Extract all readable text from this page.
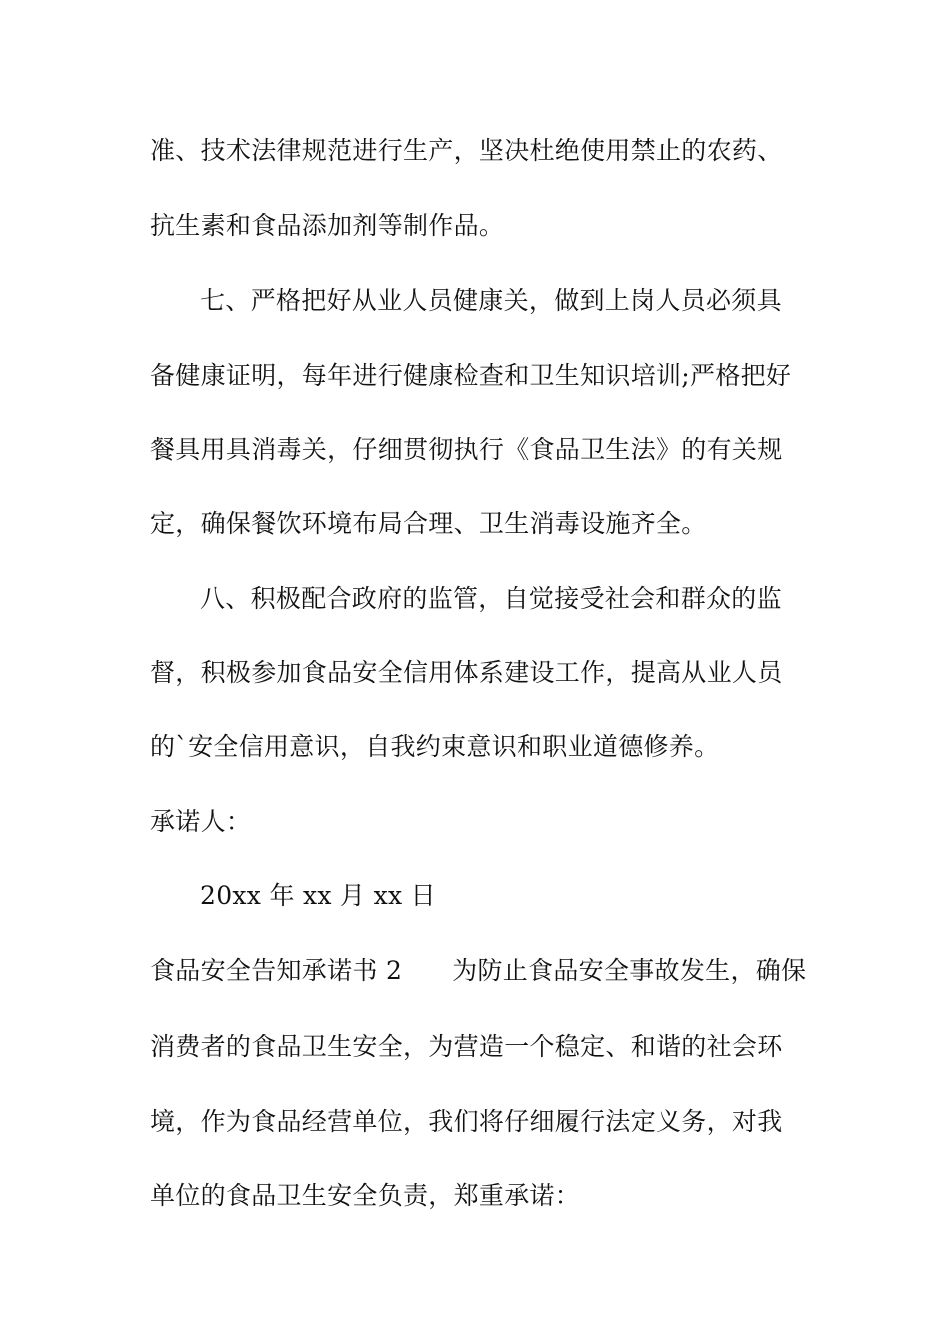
准、技术法律规范进行生产，坚决杜绝使用禁止的农药、

抗生素和食品添加剂等制作品。

七、严格把好从业人员健康关，做到上岗人员必须具

备健康证明，每年进行健康检查和卫生知识培训;严格把好

餐具用具消毒关，仔细贯彻执行《食品卫生法》的有关规

定，确保餐饮环境布局合理、卫生消毒设施齐全。

八、积极配合政府的监管，自觉接受社会和群众的监

督，积极参加食品安全信用体系建设工作，提高从业人员

的`安全信用意识，自我约束意识和职业道德修养。

承诺人：

20xx 年 xx 月 xx 日

食品安全告知承诺书 2 为防止食品安全事故发生，确保

消费者的食品卫生安全，为营造一个稳定、和谐的社会环

境，作为食品经营单位，我们将仔细履行法定义务，对我

单位的食品卫生安全负责，郑重承诺：
